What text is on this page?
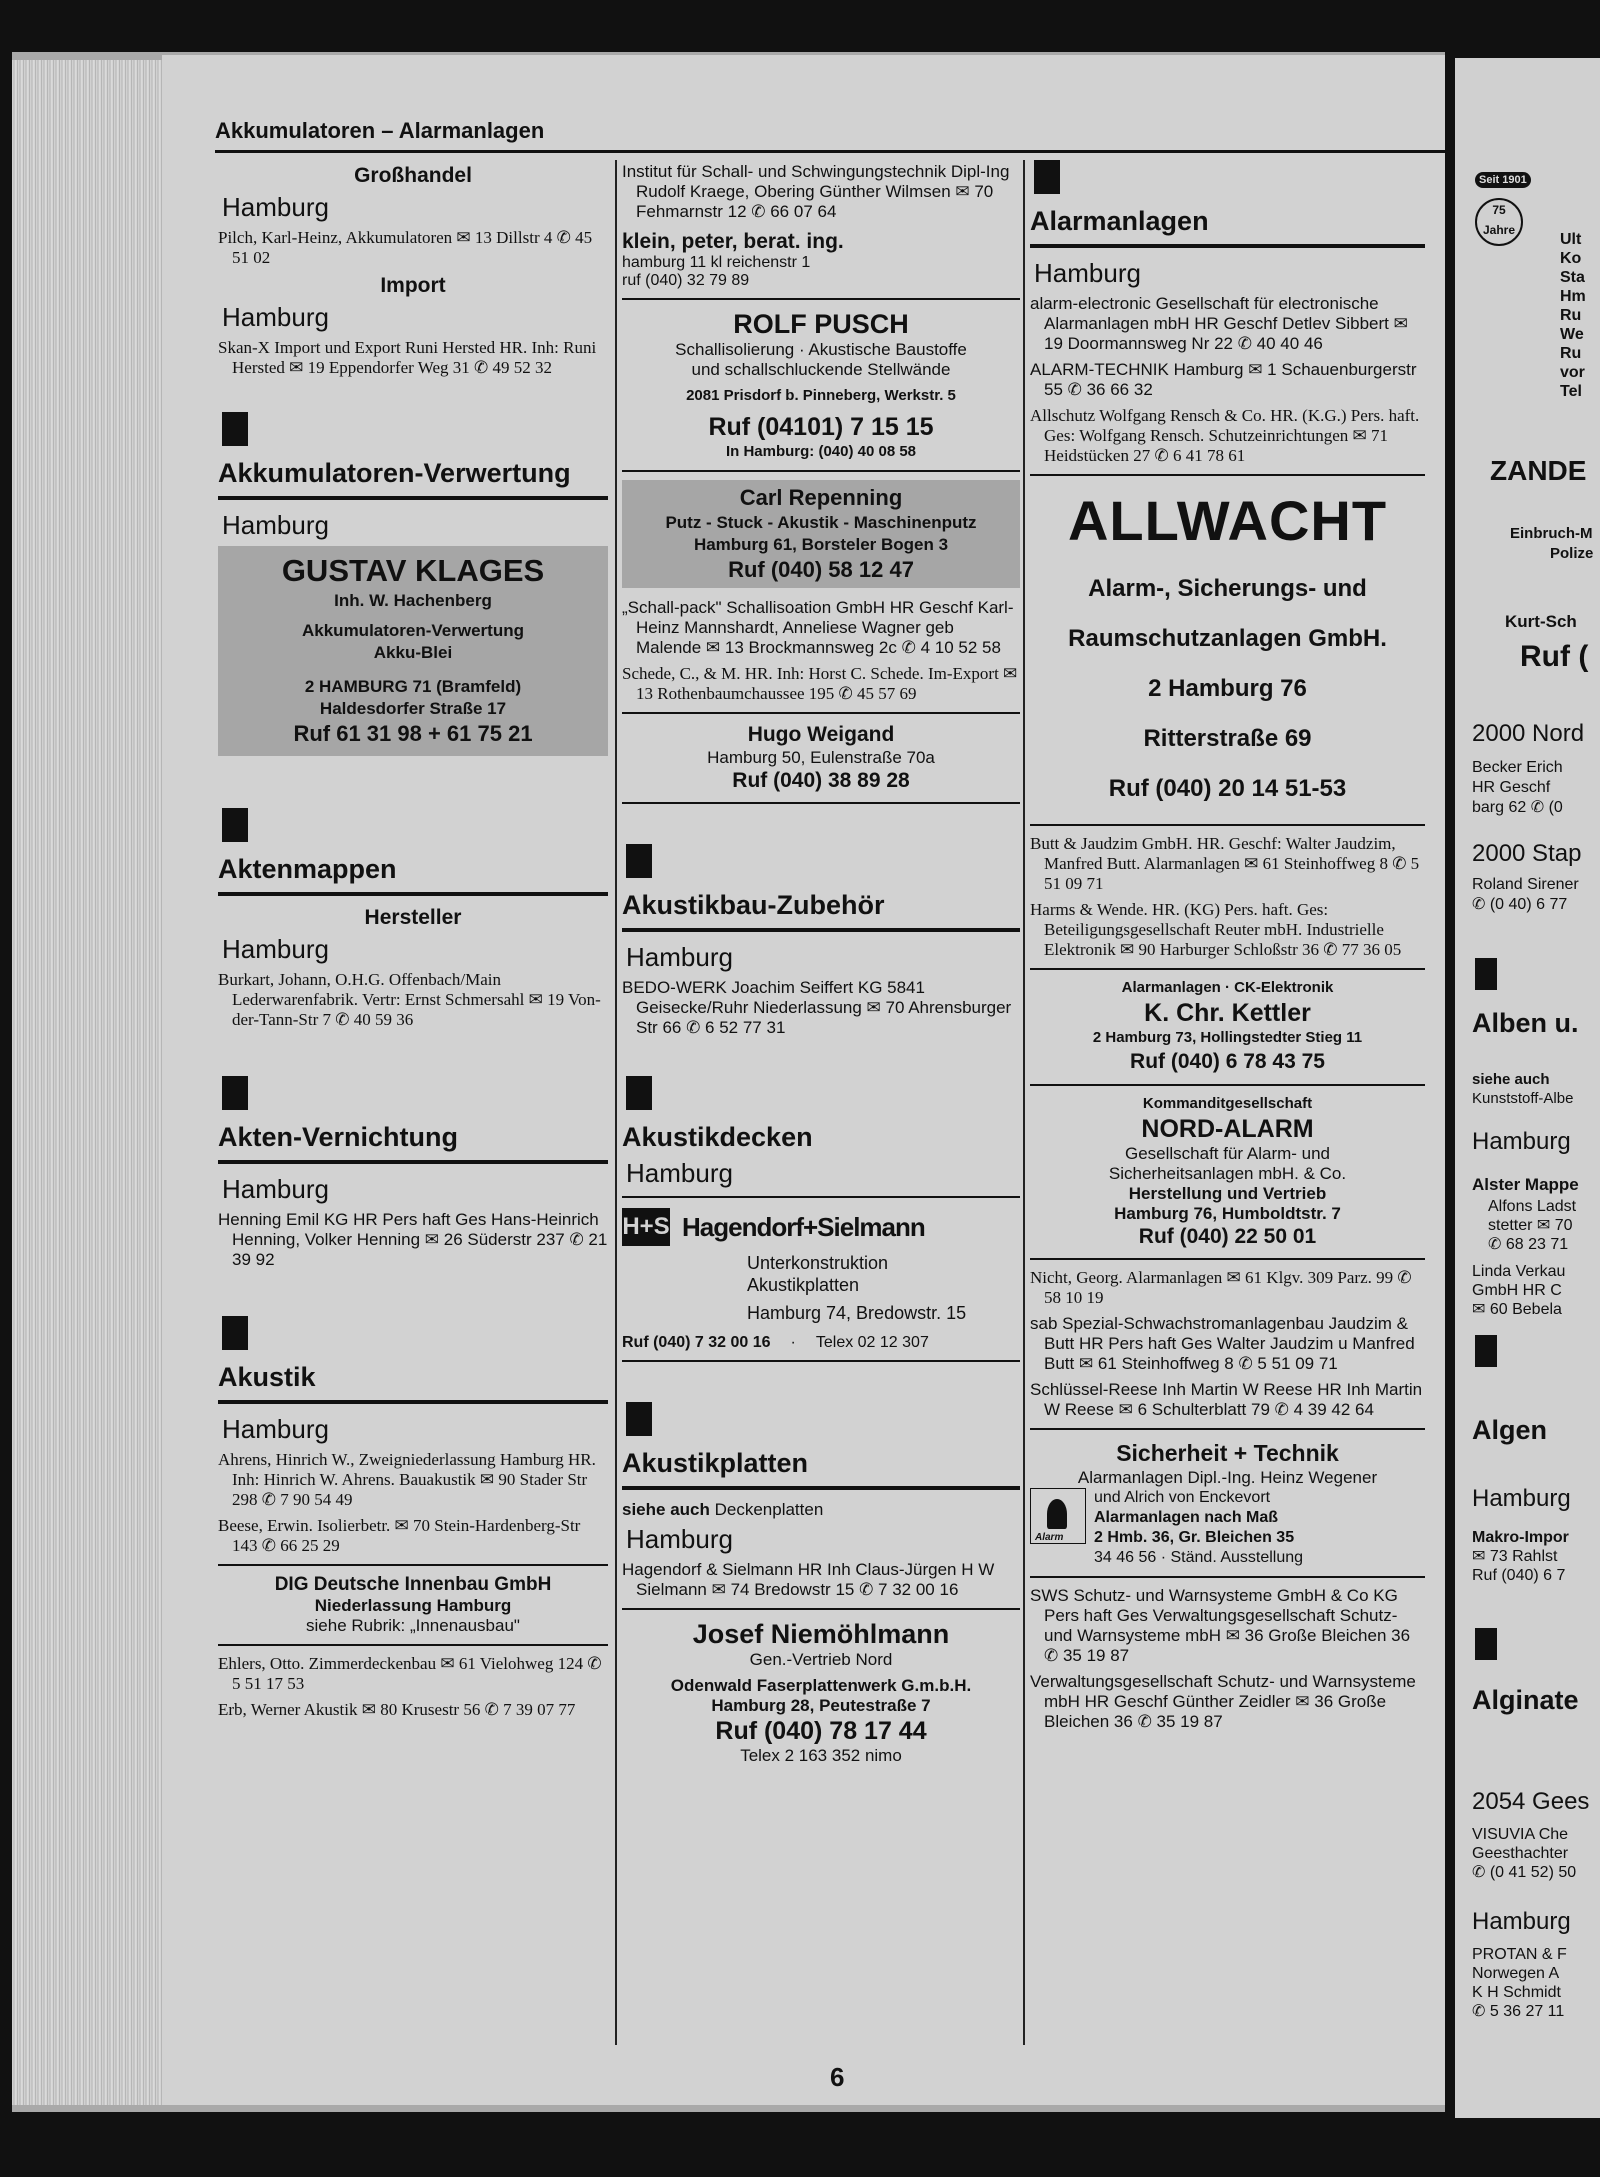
Akkumulatoren – Alarmanlagen
Großhandel
Hamburg

Pilch, Karl-Heinz, Akkumulatoren ✉ 13 Dillstr 4 ✆ 45 51 02

Import
Hamburg

Skan-X Import und Export Runi Hersted HR. Inh: Runi Hersted ✉ 19 Eppendorfer Weg 31 ✆ 49 52 32

Akkumulatoren-Verwertung
Hamburg
GUSTAV KLAGES
Inh. W. Hachenberg
Akkumulatoren-Verwertung
Akku-Blei
2 HAMBURG 71 (Bramfeld)
Haldesdorfer Straße 17
Ruf 61 31 98 + 61 75 21
Aktenmappen
Hersteller
Hamburg

Burkart, Johann, O.H.G. Offenbach/Main Lederwarenfabrik. Vertr: Ernst Schmersahl ✉ 19 Von-der-Tann-Str 7 ✆ 40 59 36

Akten-Vernichtung
Hamburg

Henning Emil KG HR Pers haft Ges Hans-Heinrich Henning, Volker Henning ✉ 26 Süderstr 237 ✆ 21 39 92

Akustik
Hamburg

Ahrens, Hinrich W., Zweigniederlassung Hamburg HR. Inh: Hinrich W. Ahrens. Bauakustik ✉ 90 Stader Str 298 ✆ 7 90 54 49

Beese, Erwin. Isolierbetr. ✉ 70 Stein-Hardenberg-Str 143 ✆ 66 25 29

DIG Deutsche Innenbau GmbH
Niederlassung Hamburg
siehe Rubrik: „Innenausbau"

Ehlers, Otto. Zimmerdeckenbau ✉ 61 Vielohweg 124 ✆ 5 51 17 53

Erb, Werner Akustik ✉ 80 Krusestr 56 ✆ 7 39 07 77

Institut für Schall- und Schwingungstechnik Dipl-Ing Rudolf Kraege, Obering Günther Wilmsen ✉ 70 Fehmarnstr 12 ✆ 66 07 64

klein, peter, berat. ing.
hamburg 11 kl reichenstr 1
ruf (040) 32 79 89
ROLF PUSCH
Schallisolierung · Akustische Baustoffe
und schallschluckende Stellwände
2081 Prisdorf b. Pinneberg, Werkstr. 5
Ruf (04101) 7 15 15
In Hamburg: (040) 40 08 58
Carl Repenning
Putz - Stuck - Akustik - Maschinenputz
Hamburg 61, Borsteler Bogen 3
Ruf (040) 58 12 47

„Schall-pack" Schallisoation GmbH HR Geschf Karl-Heinz Mannshardt, Anneliese Wagner geb Malende ✉ 13 Brockmannsweg 2c ✆ 4 10 52 58

Schede, C., & M. HR. Inh: Horst C. Schede. Im-Export ✉ 13 Rothenbaumchaussee 195 ✆ 45 57 69

Hugo Weigand
Hamburg 50, Eulenstraße 70a
Ruf (040) 38 89 28
Akustikbau-Zubehör
Hamburg

BEDO-WERK Joachim Seiffert KG 5841 Geisecke/Ruhr Niederlassung ✉ 70 Ahrensburger Str 66 ✆ 6 52 77 31

Akustikdecken
Hamburg
H+S Hagendorf+Sielmann
Unterkonstruktion
Akustikplatten
Hamburg 74, Bredowstr. 15
Ruf (040) 7 32 00 16 · Telex 02 12 307
Akustikplatten
siehe auch Deckenplatten
Hamburg

Hagendorf & Sielmann HR Inh Claus-Jürgen H W Sielmann ✉ 74 Bredowstr 15 ✆ 7 32 00 16

Josef Niemöhlmann
Gen.-Vertrieb Nord
Odenwald Faserplattenwerk G.m.b.H.
Hamburg 28, Peutestraße 7
Ruf (040) 78 17 44
Telex 2 163 352 nimo
Alarmanlagen
Hamburg

alarm-electronic Gesellschaft für electronische Alarmanlagen mbH HR Geschf Detlev Sibbert ✉ 19 Doormannsweg Nr 22 ✆ 40 40 46

ALARM-TECHNIK Hamburg ✉ 1 Schauenburgerstr 55 ✆ 36 66 32

Allschutz Wolfgang Rensch & Co. HR. (K.G.) Pers. haft. Ges: Wolfgang Rensch. Schutzeinrichtungen ✉ 71 Heidstücken 27 ✆ 6 41 78 61

ALLWACHT
Alarm-, Sicherungs- und
Raumschutzanlagen GmbH.
2 Hamburg 76
Ritterstraße 69
Ruf (040) 20 14 51-53

Butt & Jaudzim GmbH. HR. Geschf: Walter Jaudzim, Manfred Butt. Alarmanlagen ✉ 61 Steinhoffweg 8 ✆ 5 51 09 71

Harms & Wende. HR. (KG) Pers. haft. Ges: Beteiligungsgesellschaft Reuter mbH. Industrielle Elektronik ✉ 90 Harburger Schloßstr 36 ✆ 77 36 05

Alarmanlagen · CK-Elektronik
K. Chr. Kettler
2 Hamburg 73, Hollingstedter Stieg 11
Ruf (040) 6 78 43 75
Kommanditgesellschaft
NORD-ALARM
Gesellschaft für Alarm- und
Sicherheitsanlagen mbH. & Co.
Herstellung und Vertrieb
Hamburg 76, Humboldtstr. 7
Ruf (040) 22 50 01

Nicht, Georg. Alarmanlagen ✉ 61 Klgv. 309 Parz. 99 ✆ 58 10 19

sab Spezial-Schwachstromanlagenbau Jaudzim & Butt HR Pers haft Ges Walter Jaudzim u Manfred Butt ✉ 61 Steinhoffweg 8 ✆ 5 51 09 71

Schlüssel-Reese Inh Martin W Reese HR Inh Martin W Reese ✉ 6 Schulterblatt 79 ✆ 4 39 42 64

Sicherheit + Technik
Alarmanlagen Dipl.-Ing. Heinz Wegener
Alarm
und Alrich von Enckevort
Alarmanlagen nach Maß
2 Hmb. 36, Gr. Bleichen 35
34 46 56 · Ständ. Ausstellung

SWS Schutz- und Warnsysteme GmbH & Co KG Pers haft Ges Verwaltungsgesellschaft Schutz- und Warnsysteme mbH ✉ 36 Große Bleichen 36 ✆ 35 19 87

Verwaltungsgesellschaft Schutz- und Warnsysteme mbH HR Geschf Günther Zeidler ✉ 36 Große Bleichen 36 ✆ 35 19 87

6
Seit 1901
75 Jahre
Ult
Ko
Sta
Hm
Ru
We
Ru
vor
Tel
ZANDE
Einbruch-M
Polize
Kurt-Sch
Ruf (
2000 Nord
Becker Erich
HR Geschf
barg 62 ✆ (0
2000 Stap
Roland Sirener
✆ (0 40) 6 77
Alben u.
siehe auch
Kunststoff-Albe
Hamburg
Alster Mappe
Alfons Ladst
stetter ✉ 70
✆ 68 23 71
Linda Verkau
GmbH HR C
✉ 60 Bebela
Algen
Hamburg
Makro-Impor
✉ 73 Rahlst
Ruf (040) 6 7
Alginate
2054 Gees
VISUVIA Che
Geesthachter
✆ (0 41 52) 50
Hamburg
PROTAN & F
Norwegen A
K H Schmidt
✆ 5 36 27 11
